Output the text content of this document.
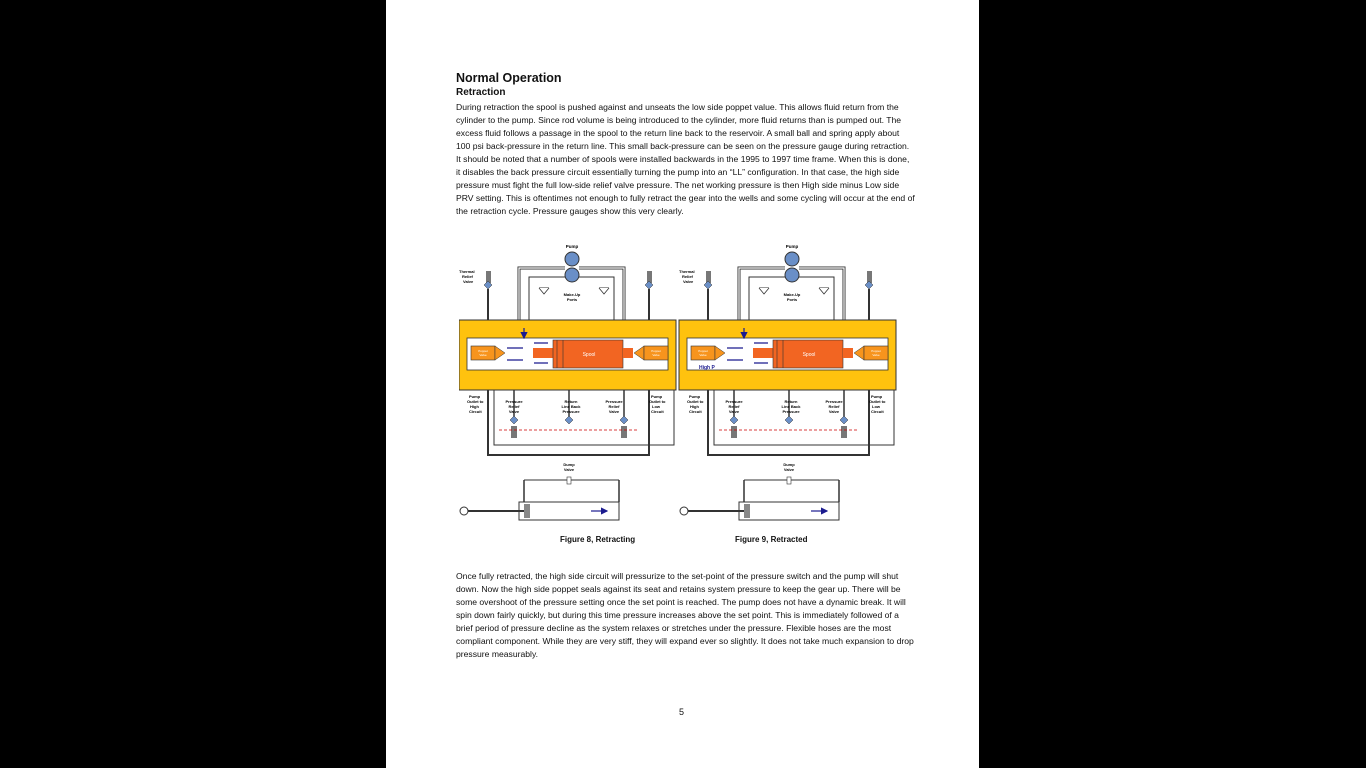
Normal Operation
Retraction

During retraction the spool is pushed against and unseats the low side poppet value. This allows fluid return from the cylinder to the pump. Since rod volume is being introduced to the cylinder, more fluid returns than is pumped out. The excess fluid follows a passage in the spool to the return line back to the reservoir. A small ball and spring apply about 100 psi back-pressure in the return line. This small back-pressure can be seen on the pressure gauge during retraction. It should be noted that a number of spools were installed backwards in the 1995 to 1997 time frame. When this is done, it disables the back pressure circuit essentially turning the pump into an “LL” configuration. In that case, the high side pressure must fight the full low-side relief valve pressure. The net working pressure is then High side minus Low side PRV setting. This is oftentimes not enough to fully retract the gear into the wells and some cycling will occur at the end of the retraction cycle. Pressure gauges show this very clearly.

Pump
Make-Up
Ports
Thermal
Relief
Valve
Poppet
Valve	Spool
Poppet
Valve
Pump
Outlet to
High
Circuit
Pressure
Relief
Valve
Return
Line Back
Pressure
Pressure
Relief
Valve
Pump
Outlet to
Low
Circuit
Dump
Valve
High P
Figure 8, Retracting	Figure 9, Retracted

Once fully retracted, the high side circuit will pressurize to the set-point of the pressure switch and the pump will shut down. Now the high side poppet seals against its seat and retains system pressure to keep the gear up. There will be some overshoot of the pressure setting once the set point is reached. The pump does not have a dynamic break. It will spin down fairly quickly, but during this time pressure increases above the set point. This is immediately followed of a brief period of pressure decline as the system relaxes or stretches under the pressure. Flexible hoses are the most compliant component. While they are very stiff, they will expand ever so slightly. It does not take much expansion to drop pressure measurably.

5
